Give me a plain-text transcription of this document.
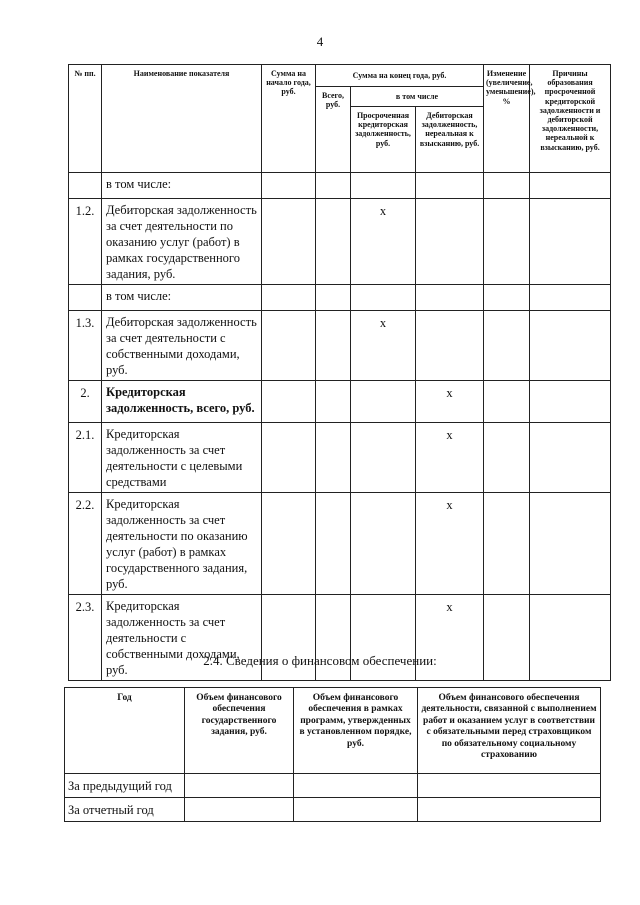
4
№ пп.	Наименование показателя	Сумма на начало года, руб.	Сумма на конец года, руб.			Изменение (увеличение, уменьшение), %	Причины образования просроченной кредиторской задолженности и дебиторской задолженности, нереальной к взысканию, руб.
			Всего, руб.	в том числе			
				Просроченная кредиторская задолженность, руб.	Дебиторская задолженность, нереальная к взысканию, руб.		
	в том числе:						
1.2.	Дебиторская задолженность за счет деятельности по оказанию услуг (работ) в рамках государственного задания, руб.			х			
	в том числе:						
1.3.	Дебиторская задолженность за счет деятельности с собственными доходами, руб.			х			
2.	Кредиторская задолженность, всего, руб.				х		
2.1.	Кредиторская задолженность за счет деятельности с целевыми средствами				х		
2.2.	Кредиторская задолженность за счет деятельности по оказанию услуг (работ) в рамках государственного задания, руб.				х		
2.3.	Кредиторская задолженность за счет деятельности с собственными доходами, руб.				х		
2.4. Сведения о финансовом обеспечении:
Год	Объем финансового обеспечения государственного задания, руб.	Объем финансового обеспечения в рамках программ, утвержденных в установленном порядке, руб.	Объем финансового обеспечения деятельности, связанной с выполнением работ и оказанием услуг в соответствии с обязательными перед страховщиком по обязательному социальному страхованию
За предыдущий год			
За отчетный год			
